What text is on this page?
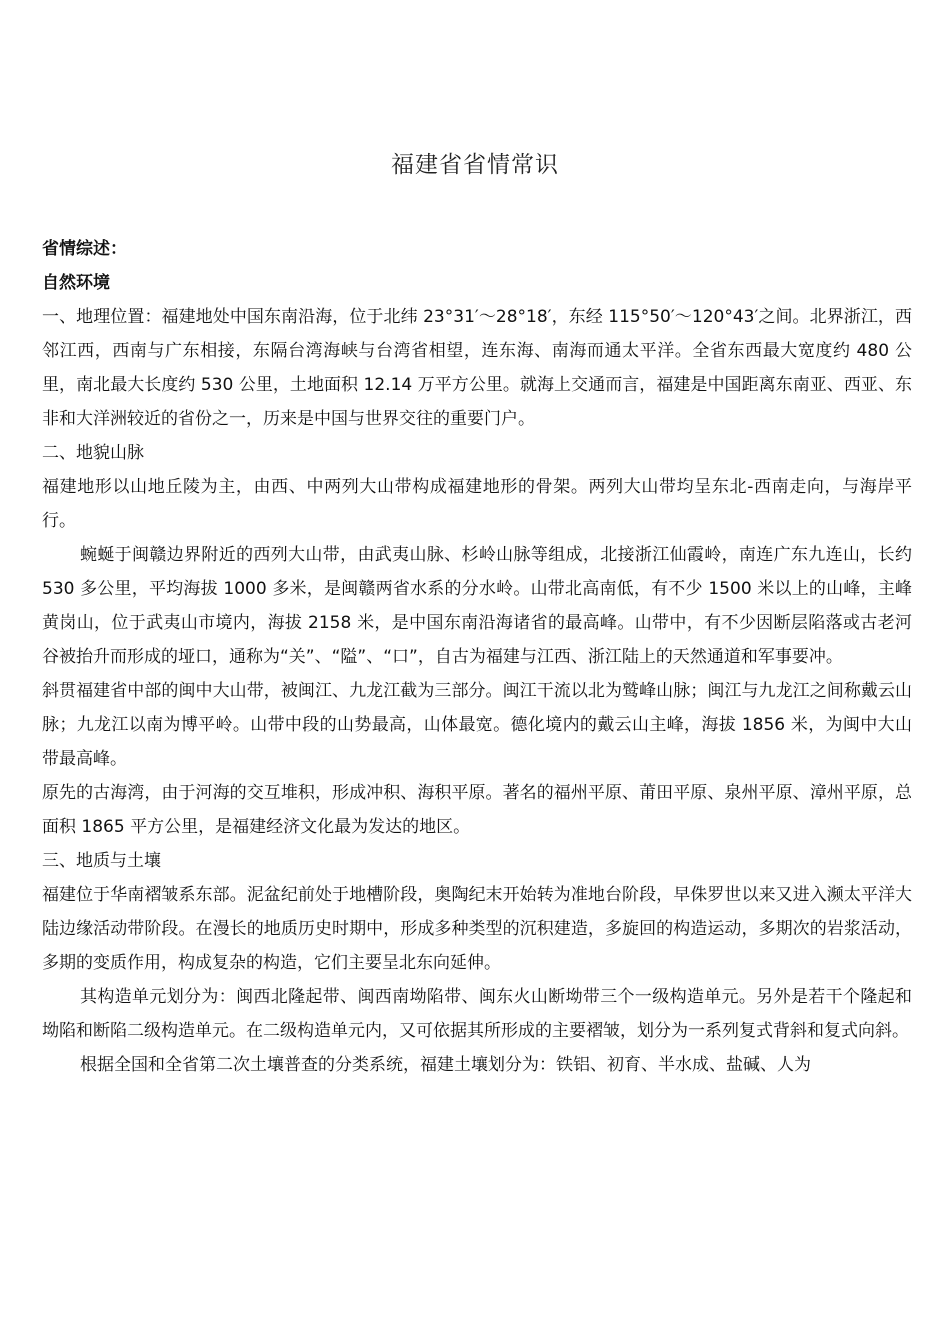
福建省省情常识

省情综述：

自然环境

一、地理位置：福建地处中国东南沿海，位于北纬 23°31′～28°18′，东经 115°50′～120°43′之间。北界浙江，西邻江西，西南与广东相接，东隔台湾海峡与台湾省相望，连东海、南海而通太平洋。全省东西最大宽度约 480 公里，南北最大长度约 530 公里，土地面积 12.14 万平方公里。就海上交通而言，福建是中国距离东南亚、西亚、东非和大洋洲较近的省份之一，历来是中国与世界交往的重要门户。

二、地貌山脉

福建地形以山地丘陵为主，由西、中两列大山带构成福建地形的骨架。两列大山带均呈东北-西南走向，与海岸平行。

蜿蜒于闽赣边界附近的西列大山带，由武夷山脉、杉岭山脉等组成，北接浙江仙霞岭，南连广东九连山，长约 530 多公里，平均海拔 1000 多米，是闽赣两省水系的分水岭。山带北高南低，有不少 1500 米以上的山峰，主峰黄岗山，位于武夷山市境内，海拔 2158 米，是中国东南沿海诸省的最高峰。山带中，有不少因断层陷落或古老河谷被抬升而形成的垭口，通称为“关”、“隘”、“口”，自古为福建与江西、浙江陆上的天然通道和军事要冲。

斜贯福建省中部的闽中大山带，被闽江、九龙江截为三部分。闽江干流以北为鹫峰山脉；闽江与九龙江之间称戴云山脉；九龙江以南为博平岭。山带中段的山势最高，山体最宽。德化境内的戴云山主峰，海拔 1856 米，为闽中大山带最高峰。

原先的古海湾，由于河海的交互堆积，形成冲积、海积平原。著名的福州平原、莆田平原、泉州平原、漳州平原，总面积 1865 平方公里，是福建经济文化最为发达的地区。

三、地质与土壤

福建位于华南褶皱系东部。泥盆纪前处于地槽阶段，奥陶纪末开始转为准地台阶段，早侏罗世以来又进入濒太平洋大陆边缘活动带阶段。在漫长的地质历史时期中，形成多种类型的沉积建造，多旋回的构造运动，多期次的岩浆活动，多期的变质作用，构成复杂的构造，它们主要呈北东向延伸。

其构造单元划分为：闽西北隆起带、闽西南坳陷带、闽东火山断坳带三个一级构造单元。另外是若干个隆起和坳陷和断陷二级构造单元。在二级构造单元内，又可依据其所形成的主要褶皱，划分为一系列复式背斜和复式向斜。

根据全国和全省第二次土壤普查的分类系统，福建土壤划分为：铁铝、初育、半水成、盐碱、人为
